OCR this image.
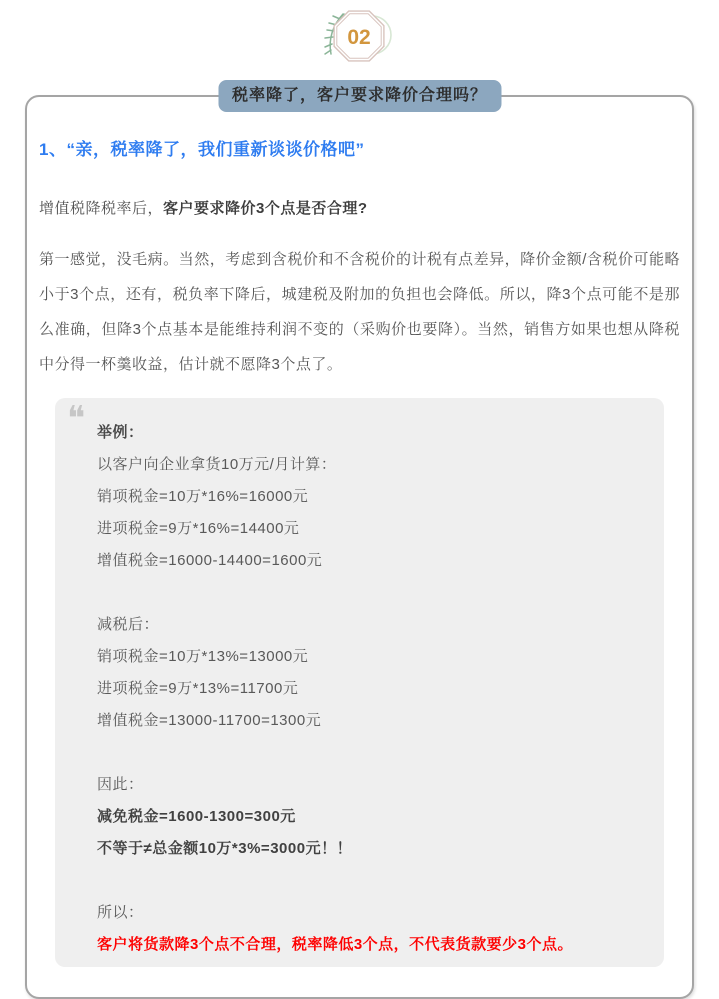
02
税率降了，客户要求降价合理吗？
1、“亲，税率降了，我们重新谈谈价格吧”

增值税降税率后，客户要求降价3个点是否合理?

第一感觉，没毛病。当然，考虑到含税价和不含税价的计税有点差异，降价金额/含税价可能略小于3个点，还有，税负率下降后，城建税及附加的负担也会降低。所以，降3个点可能不是那么准确，但降3个点基本是能维持利润不变的（采购价也要降）。当然，销售方如果也想从降税中分得一杯羹收益，估计就不愿降3个点了。

❝ 举例：

以客户向企业拿货10万元/月计算：

销项税金=10万*16%=16000元

进项税金=9万*16%=14400元

增值税金=16000-14400=1600元

减税后：

销项税金=10万*13%=13000元

进项税金=9万*13%=11700元

增值税金=13000-11700=1300元

因此：

减免税金=1600-1300=300元

不等于≠总金额10万*3%=3000元！！

所以：

客户将货款降3个点不合理，税率降低3个点，不代表货款要少3个点。
